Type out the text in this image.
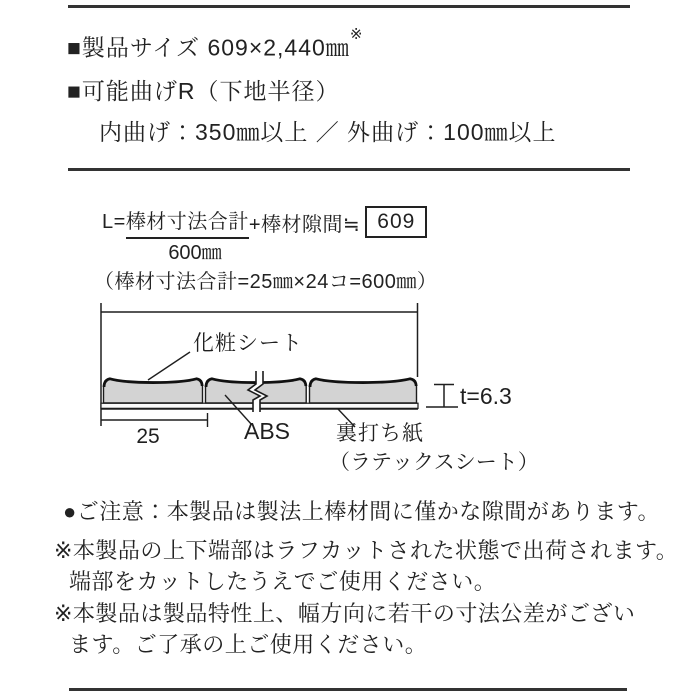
■製品サイズ 609×2,440㎜※
■可能曲げR（下地半径）
内曲げ：350㎜以上 ／ 外曲げ：100㎜以上
L= 棒材寸法合計 +棒材隙間≒ 609
600㎜
（棒材寸法合計=25㎜×24コ=600㎜）
25
化粧シート
ABS 裏打ち紙
（ラテックスシート）
t=6.3
●ご注意：本製品は製法上棒材間に僅かな隙間があります。
※本製品の上下端部はラフカットされた状態で出荷されます。
端部をカットしたうえでご使用ください。
※本製品は製品特性上、幅方向に若干の寸法公差がござい
ます。ご了承の上ご使用ください。
